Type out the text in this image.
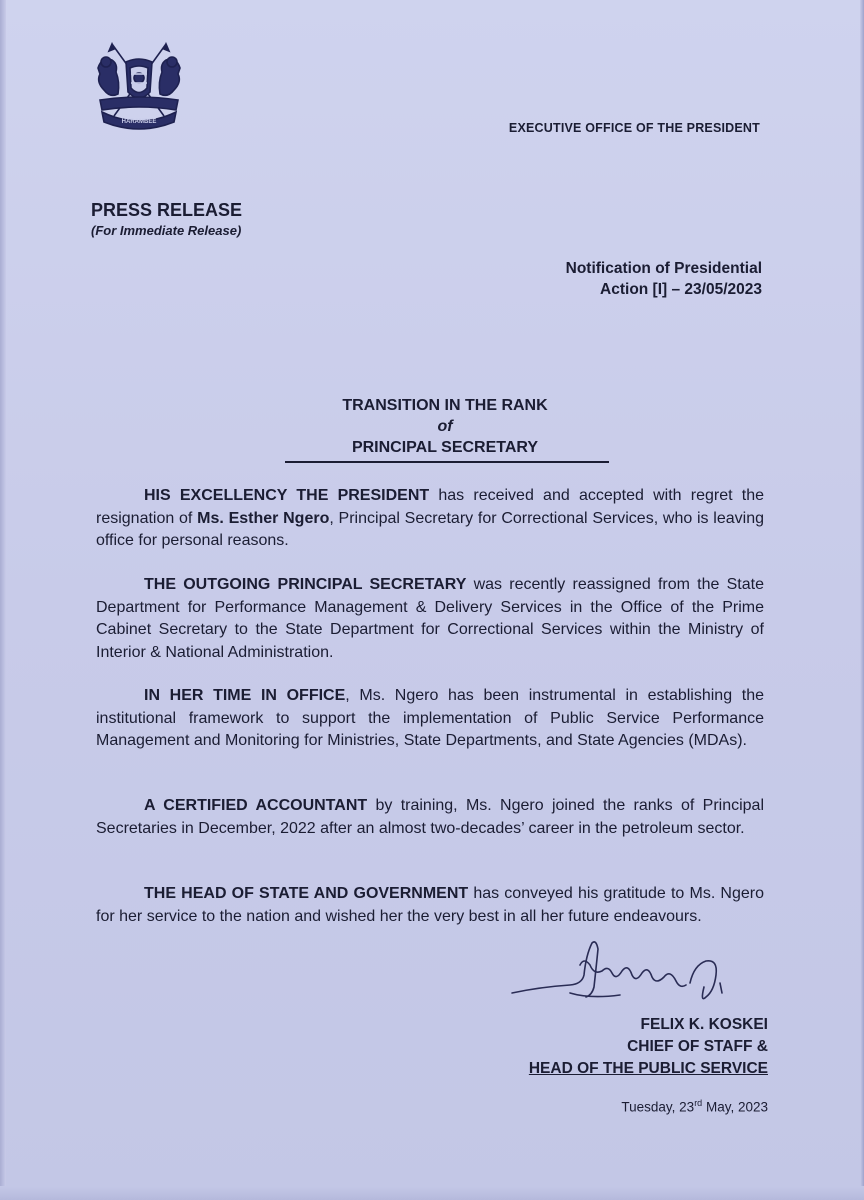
HARAMBEE	EXECUTIVE OFFICE OF THE PRESIDENT
PRESS RELEASE
(For Immediate Release)
Notification of Presidential
Action [I] – 23/05/2023
TRANSITION IN THE RANK
of
PRINCIPAL SECRETARY

HIS EXCELLENCY THE PRESIDENT has received and accepted with regret the resignation of Ms. Esther Ngero, Principal Secretary for Correctional Services, who is leaving office for personal reasons.

THE OUTGOING PRINCIPAL SECRETARY was recently reassigned from the State Department for Performance Management & Delivery Services in the Office of the Prime Cabinet Secretary to the State Department for Correctional Services within the Ministry of Interior & National Administration.

IN HER TIME IN OFFICE, Ms. Ngero has been instrumental in establishing the institutional framework to support the implementation of Public Service Performance Management and Monitoring for Ministries, State Departments, and State Agencies (MDAs).

A CERTIFIED ACCOUNTANT by training, Ms. Ngero joined the ranks of Principal Secretaries in December, 2022 after an almost two-decades’ career in the petroleum sector.

THE HEAD OF STATE AND GOVERNMENT has conveyed his gratitude to Ms. Ngero for her service to the nation and wished her the very best in all her future endeavours.

FELIX K. KOSKEI
CHIEF OF STAFF &
HEAD OF THE PUBLIC SERVICE
Tuesday, 23rd May, 2023
